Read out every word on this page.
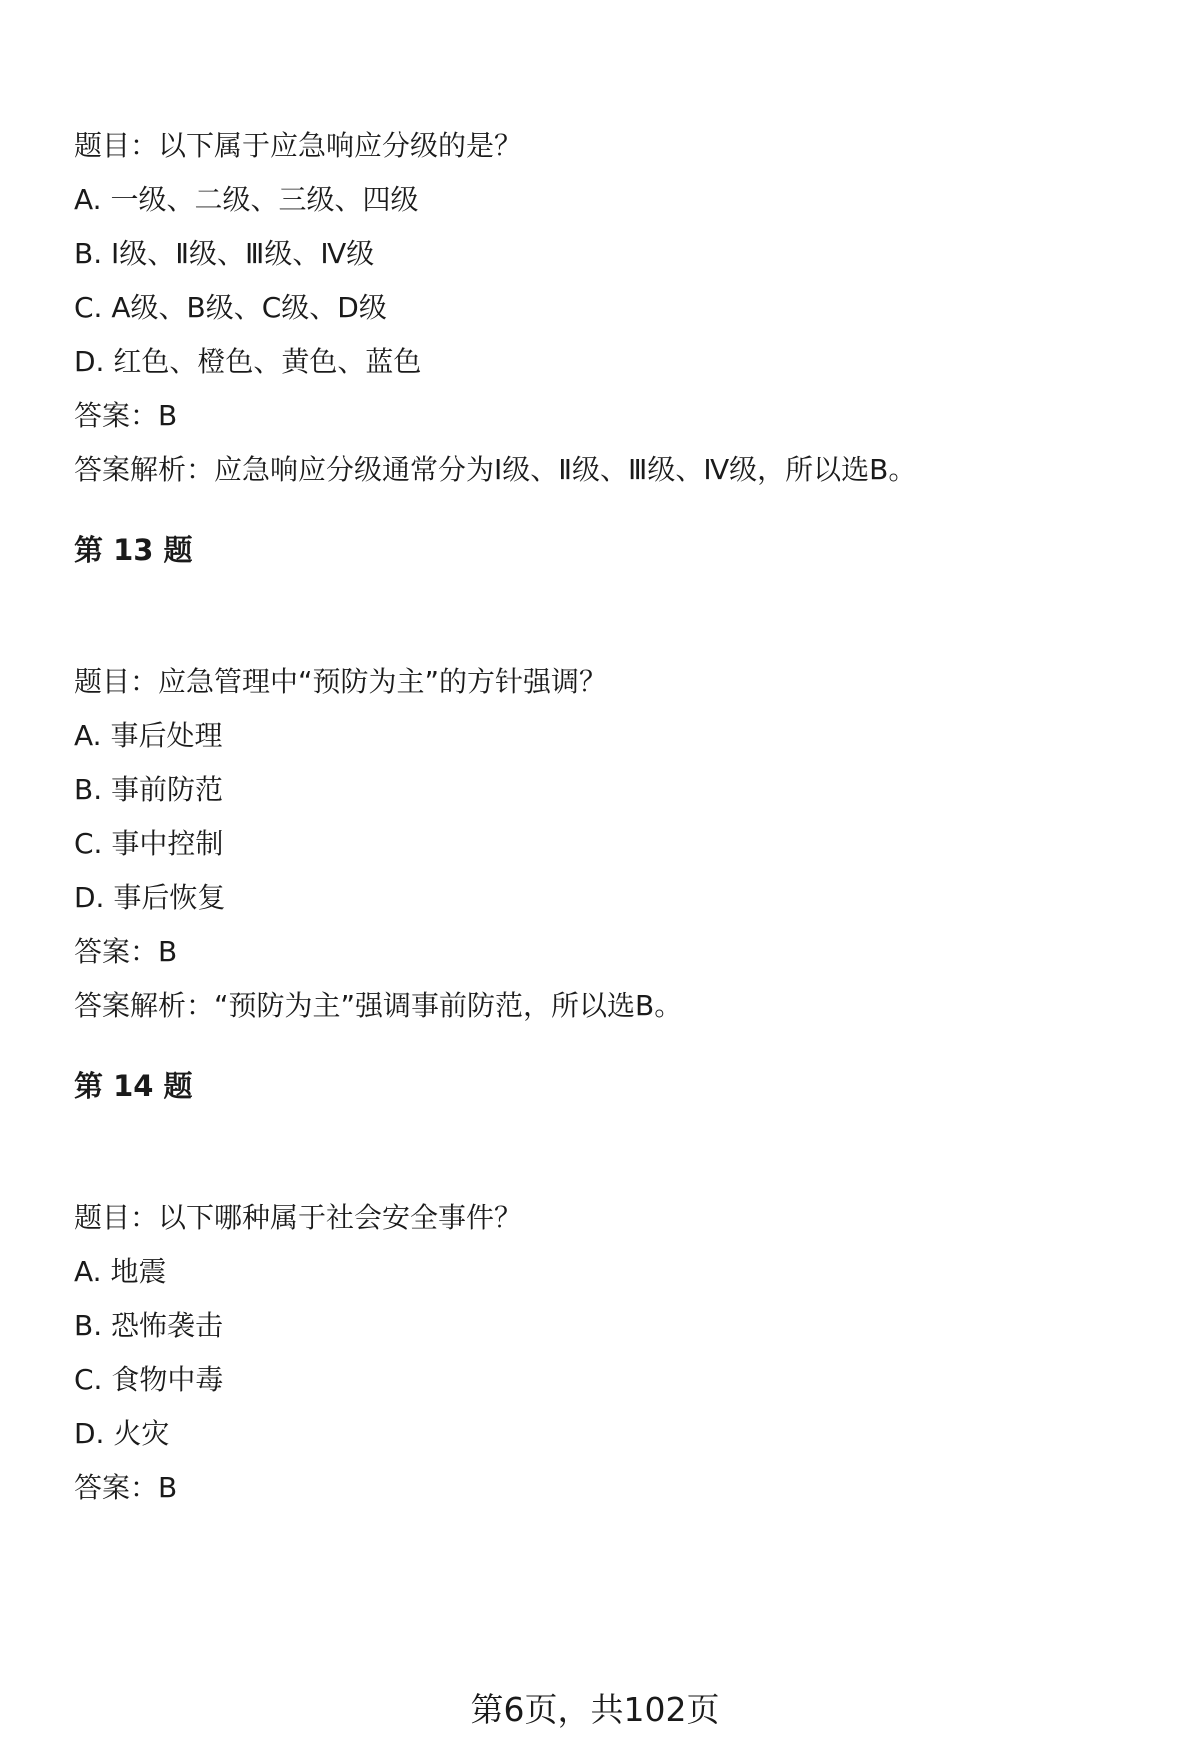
题目：以下属于应急响应分级的是？
A. 一级、二级、三级、四级
B. Ⅰ级、Ⅱ级、Ⅲ级、Ⅳ级
C. A级、B级、C级、D级
D. 红色、橙色、黄色、蓝色
答案：B
答案解析：应急响应分级通常分为Ⅰ级、Ⅱ级、Ⅲ级、Ⅳ级，所以选B。
第 13 题
题目：应急管理中“预防为主”的方针强调？
A. 事后处理
B. 事前防范
C. 事中控制
D. 事后恢复
答案：B
答案解析：“预防为主”强调事前防范，所以选B。
第 14 题
题目：以下哪种属于社会安全事件？
A. 地震
B. 恐怖袭击
C. 食物中毒
D. 火灾
答案：B
第6页，共102页
